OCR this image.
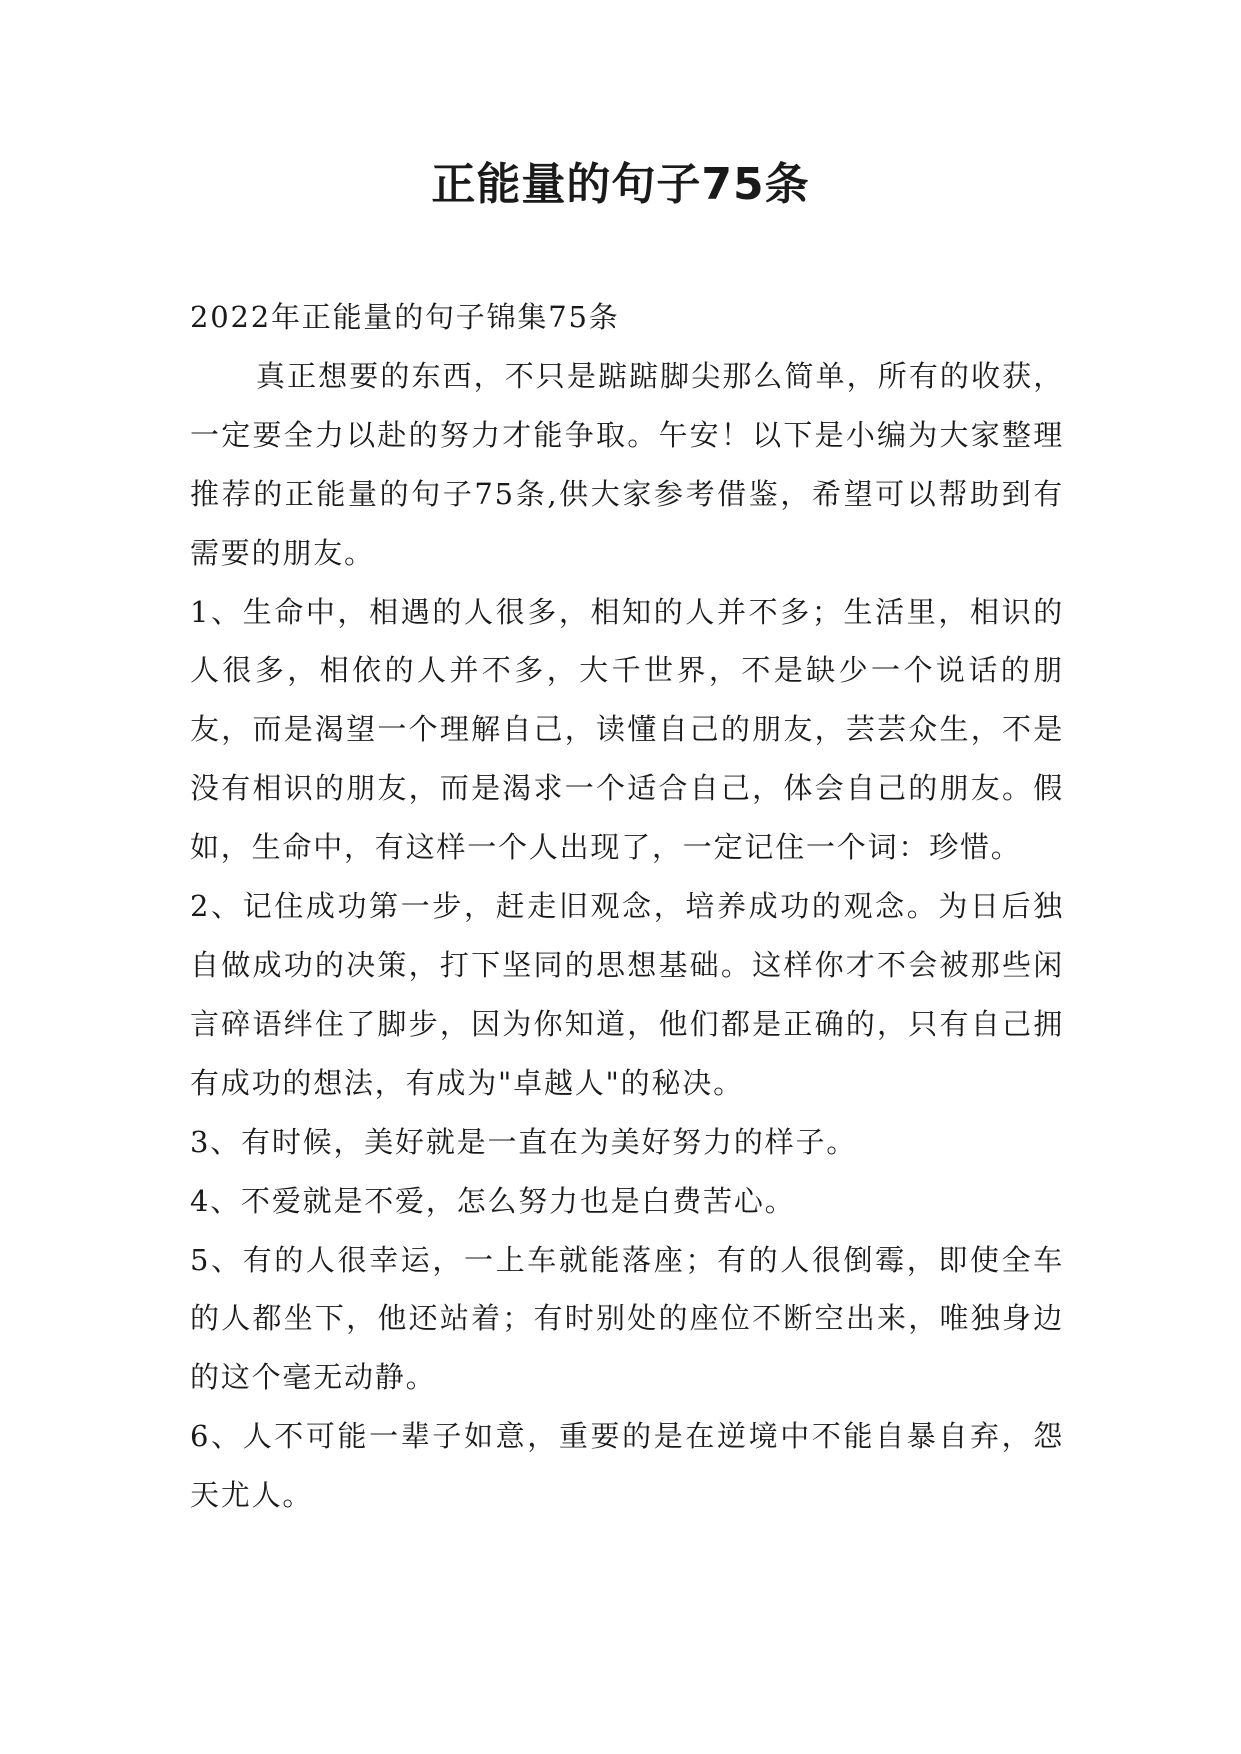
正能量的句子75条

2022年正能量的句子锦集75条

真正想要的东西，不只是踮踮脚尖那么简单，所有的收获，一定要全力以赴的努力才能争取。午安！以下是小编为大家整理推荐的正能量的句子75条,供大家参考借鉴，希望可以帮助到有需要的朋友。

1、生命中，相遇的人很多，相知的人并不多；生活里，相识的人很多，相依的人并不多，大千世界，不是缺少一个说话的朋友，而是渴望一个理解自己，读懂自己的朋友，芸芸众生，不是没有相识的朋友，而是渴求一个适合自己，体会自己的朋友。假如，生命中，有这样一个人出现了，一定记住一个词：珍惜。

2、记住成功第一步，赶走旧观念，培养成功的观念。为日后独自做成功的决策，打下坚同的思想基础。这样你才不会被那些闲言碎语绊住了脚步，因为你知道，他们都是正确的，只有自己拥有成功的想法，有成为"卓越人"的秘决。

3、有时候，美好就是一直在为美好努力的样子。

4、不爱就是不爱，怎么努力也是白费苦心。

5、有的人很幸运，一上车就能落座；有的人很倒霉，即使全车的人都坐下，他还站着；有时别处的座位不断空出来，唯独身边的这个毫无动静。

6、人不可能一辈子如意，重要的是在逆境中不能自暴自弃，怨天尤人。
